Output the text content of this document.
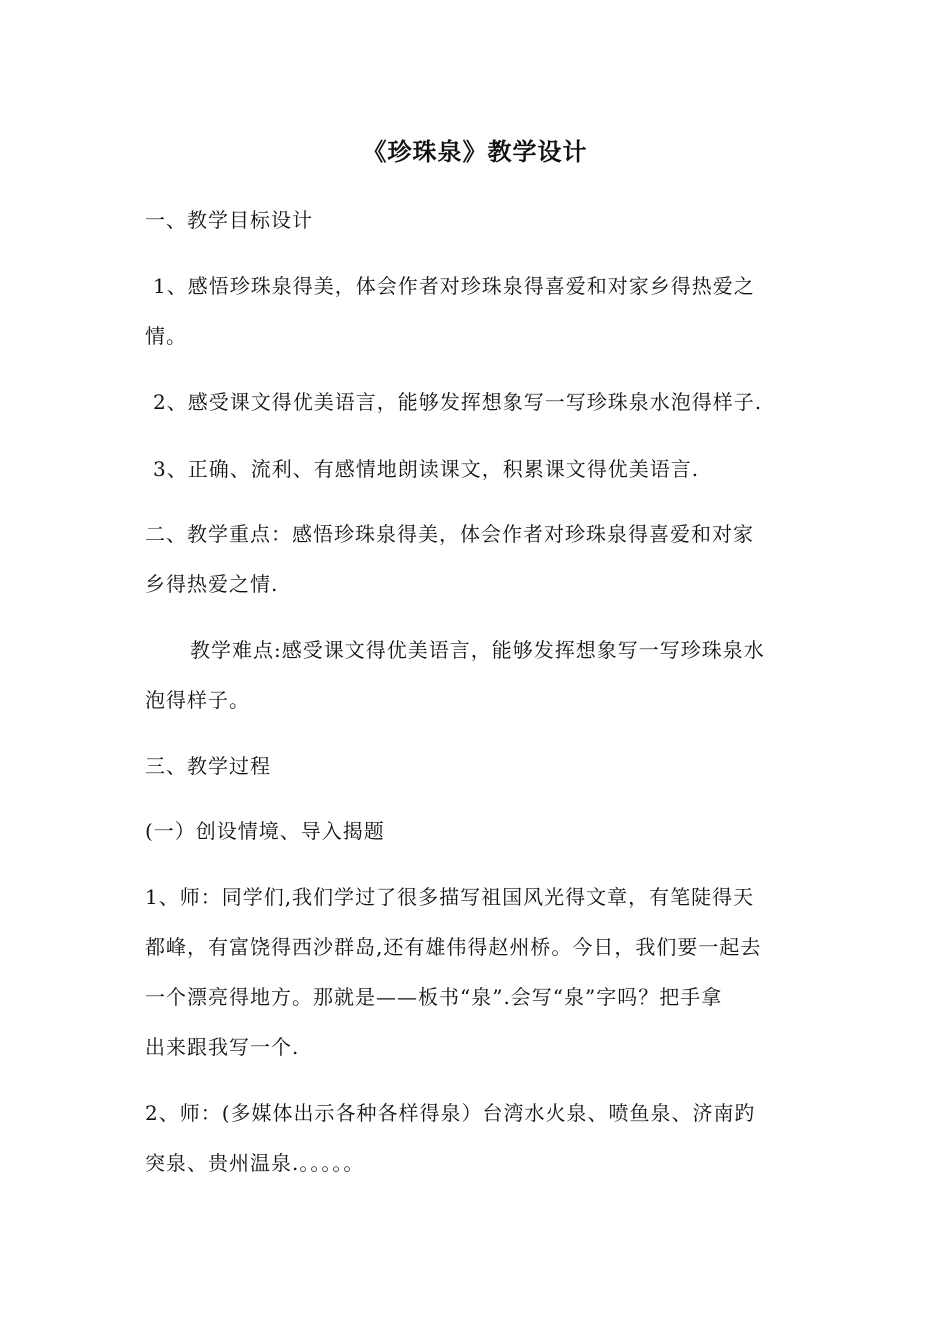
《珍珠泉》教学设计
一、教学目标设计
1、感悟珍珠泉得美，体会作者对珍珠泉得喜爱和对家乡得热爱之
情。
2、感受课文得优美语言，能够发挥想象写一写珍珠泉水泡得样子.
3、正确、流利、有感情地朗读课文，积累课文得优美语言.
二、教学重点：感悟珍珠泉得美，体会作者对珍珠泉得喜爱和对家
乡得热爱之情.
教学难点:感受课文得优美语言，能够发挥想象写一写珍珠泉水
泡得样子。
三、教学过程
(一）创设情境、导入揭题
1、师：同学们,我们学过了很多描写祖国风光得文章，有笔陡得天
都峰，有富饶得西沙群岛,还有雄伟得赵州桥。今日，我们要一起去
一个漂亮得地方。那就是——板书“泉”.会写“泉”字吗？把手拿
出来跟我写一个.
2、师：(多媒体出示各种各样得泉）台湾水火泉、喷鱼泉、济南趵
突泉、贵州温泉.。。。。。
